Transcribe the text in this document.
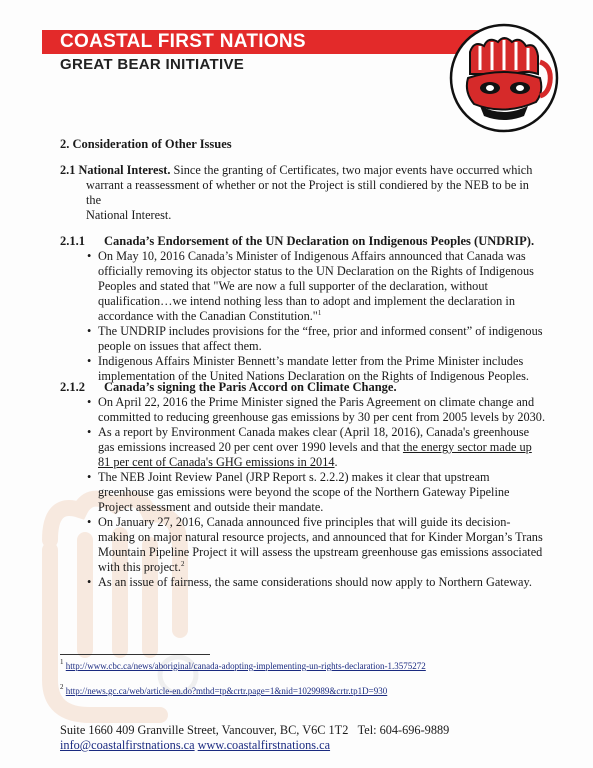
COASTAL FIRST NATIONS
GREAT BEAR INITIATIVE
2. Consideration of Other Issues
2.1 National Interest. Since the granting of Certificates, two major events have occurred which
warrant a reassessment of whether or not the Project is still condiered by the NEB to be in the
National Interest.
2.1.1 Canada’s Endorsement of the UN Declaration on Indigenous Peoples (UNDRIP).
• On May 10, 2016 Canada’s Minister of Indigenous Affairs announced that Canada was
officially removing its objector status to the UN Declaration on the Rights of Indigenous
Peoples and stated that "We are now a full supporter of the declaration, without
qualification…we intend nothing less than to adopt and implement the declaration in
accordance with the Canadian Constitution."$^1$
• The UNDRIP includes provisions for the “free, prior and informed consent” of indigenous
people on issues that affect them.
• Indigenous Affairs Minister Bennett’s mandate letter from the Prime Minister includes
implementation of the United Nations Declaration on the Rights of Indigenous Peoples.
2.1.2 Canada’s signing the Paris Accord on Climate Change.
• On April 22, 2016 the Prime Minister signed the Paris Agreement on climate change and
committed to reducing greenhouse gas emissions by 30 per cent from 2005 levels by 2030.
• As a report by Environment Canada makes clear (April 18, 2016), Canada's greenhouse
gas emissions increased 20 per cent over 1990 levels and that the energy sector made up
81 per cent of Canada's GHG emissions in 2014.
• The NEB Joint Review Panel (JRP Report s. 2.2.2) makes it clear that upstream
greenhouse gas emissions were beyond the scope of the Northern Gateway Pipeline
Project assessment and outside their mandate.
• On January 27, 2016, Canada announced five principles that will guide its decision-
making on major natural resource projects, and announced that for Kinder Morgan’s Trans
Mountain Pipeline Project it will assess the upstream greenhouse gas emissions associated
with this project.$^2$
• As an issue of fairness, the same considerations should now apply to Northern Gateway.
$^1$ http://www.cbc.ca/news/aboriginal/canada-adopting-implementing-un-rights-declaration-1.3575272
$^2$ http://news.gc.ca/web/article-en.do?mthd=tp&crtr.page=1&nid=1029989&crtr.tp1D=930
Suite 1660 409 Granville Street, Vancouver, BC, V6C 1T2 Tel: 604-696-9889
info@coastalfirstnations.ca www.coastalfirstnations.ca
